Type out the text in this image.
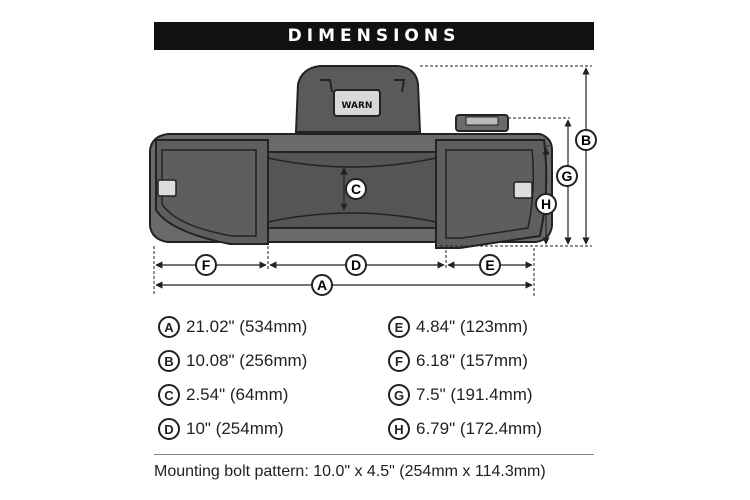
DIMENSIONS
WARN
F	D	E
A
B
G
H
C
A 21.02" (534mm)
B 10.08" (256mm)
C 2.54" (64mm)
D 10" (254mm)
E 4.84" (123mm)
F 6.18" (157mm)
G 7.5" (191.4mm)
H 6.79" (172.4mm)
Mounting bolt pattern: 10.0" x 4.5" (254mm x 114.3mm)
